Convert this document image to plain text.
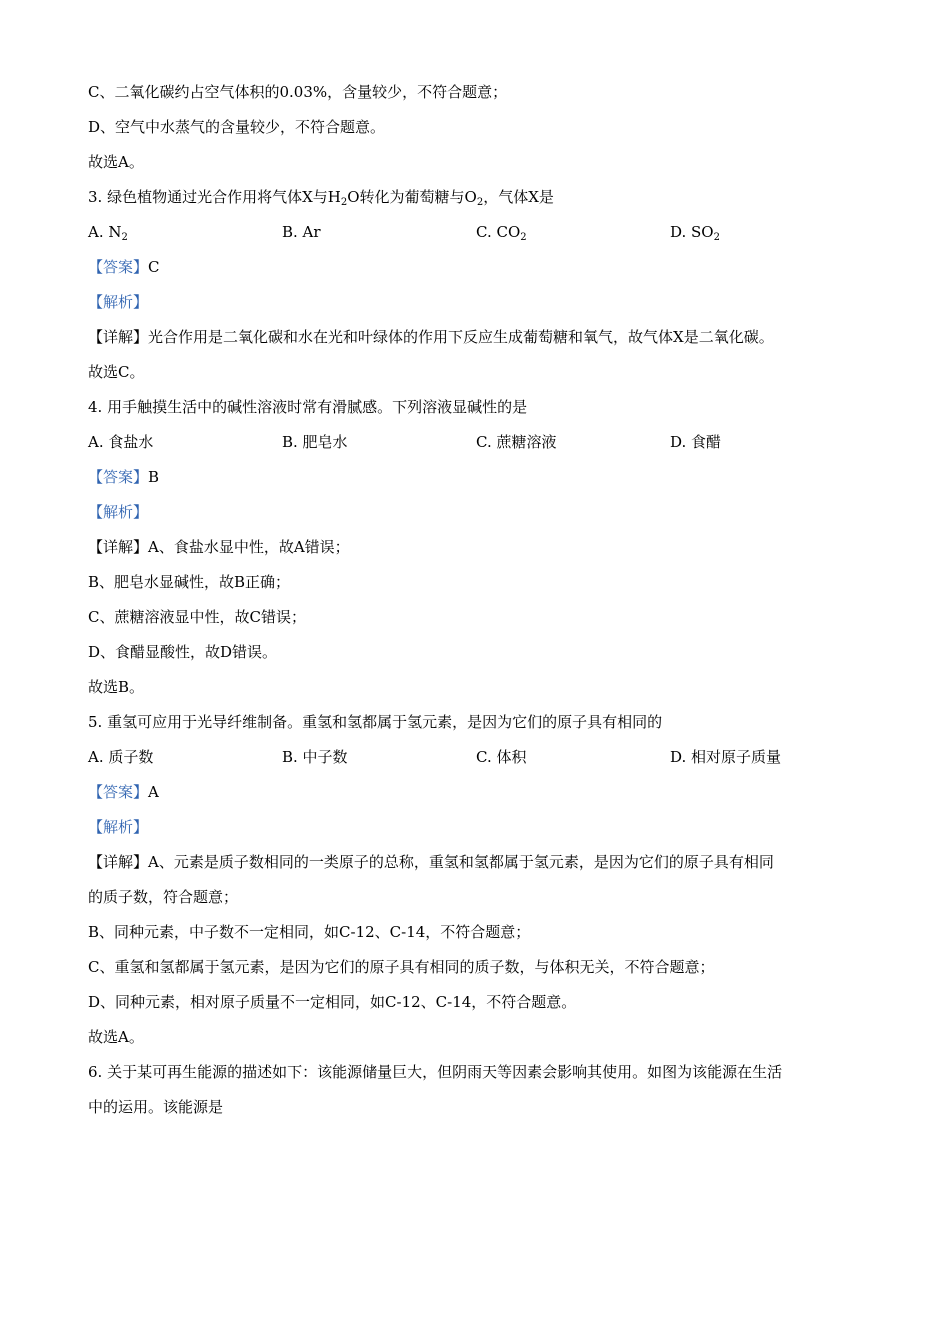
C、二氧化碳约占空气体积的0.03%，含量较少，不符合题意；
D、空气中水蒸气的含量较少，不符合题意。
故选A。
3. 绿色植物通过光合作用将气体X与$H_2O$转化为葡萄糖与$O_2$，气体X是
A. $N_2$	B. Ar	C. $CO_2$	D. $SO_2$
【答案】C
【解析】
【详解】光合作用是二氧化碳和水在光和叶绿体的作用下反应生成葡萄糖和氧气，故气体X是二氧化碳。
故选C。
4. 用手触摸生活中的碱性溶液时常有滑腻感。下列溶液显碱性的是
A. 食盐水	B. 肥皂水	C. 蔗糖溶液	D. 食醋
【答案】B
【解析】
【详解】A、食盐水显中性，故A错误；
B、肥皂水显碱性，故B正确；
C、蔗糖溶液显中性，故C错误；
D、食醋显酸性，故D错误。
故选B。
5. 重氢可应用于光导纤维制备。重氢和氢都属于氢元素，是因为它们的原子具有相同的
A. 质子数	B. 中子数	C. 体积	D. 相对原子质量
【答案】A
【解析】
【详解】A、元素是质子数相同的一类原子的总称，重氢和氢都属于氢元素，是因为它们的原子具有相同
的质子数，符合题意；
B、同种元素，中子数不一定相同，如C-12、C-14，不符合题意；
C、重氢和氢都属于氢元素，是因为它们的原子具有相同的质子数，与体积无关，不符合题意；
D、同种元素，相对原子质量不一定相同，如C-12、C-14，不符合题意。
故选A。
6. 关于某可再生能源的描述如下：该能源储量巨大，但阴雨天等因素会影响其使用。如图为该能源在生活
中的运用。该能源是
